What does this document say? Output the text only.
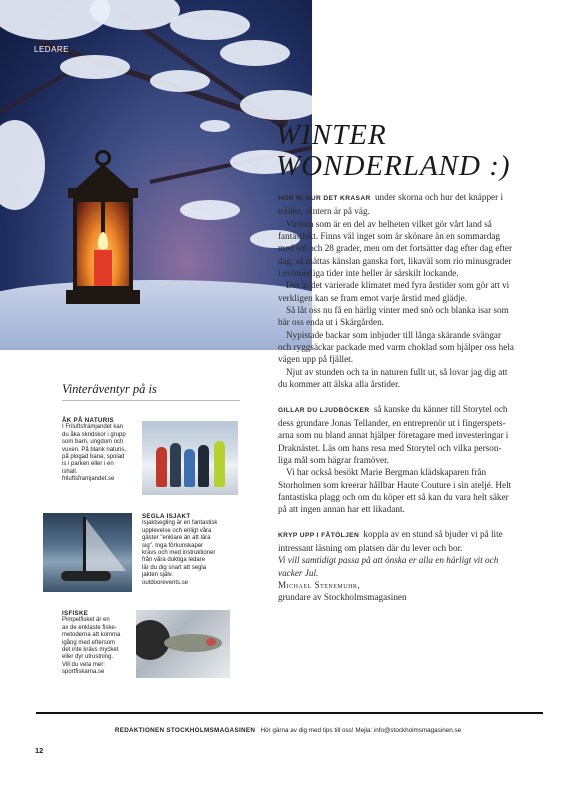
LEDARE
WINTER
WONDERLAND :)

HÖR NI HUR DET KRASAR under skorna och hur det knäpper i träden, vintern är på väg.

Vintern som är en del av helheten vilket gör vårt land så fantastiskt. Finns väl inget som är skönare än en sommardag med sol och 28 grader, men om det fortsätter dag efter dag efter dag, så mättas känslan ganska fort, likaväl som rio minusgrader i evinnerliga tider inte heller är särskilt lockande.

Det är det varierade klimatet med fyra årstider som gör att vi verkligen kan se fram emot varje årstid med glädje.

Så låt oss nu få en härlig vinter med snö och blanka isar som bär oss enda ut i Skärgården.

Nypistade backar som inbjuder till långa skärande svängar och ryggsäckar packade med varm choklad som hjälper oss hela vägen upp på fjället.

Njut av stunden och ta in naturen fullt ut, så lovar jag dig att du kommer att älska alla årstider.

GILLAR DU LJUDBÖCKER så kanske du känner till Storytel och dess grundare Jonas Tellander, en entreprenör ut i fingerspets-arna som nu bland annat hjälper företagare med investeringar i Draknästet. Läs om hans resa med Storytel och vilka person-liga mål som hägrar framöver.

Vi har också besökt Marie Bergman klädskaparen från Storholmen som kreerar hållbar Haute Couture i sin ateljé. Helt fantastiska plagg och om du köper ett så kan du vara helt säker på att ingen annan har ett likadant.

KRYP UPP I FÅTÖLJEN koppla av en stund så bjuder vi på lite intressant läsning om platsen där du lever och bor.

Vi vill samtidigt passa på att önska er alla en härligt vit och vacker Jul.

Michael Stenemuhr,
grundare av Stockholmsmagasinen

Vinteräventyr på is
ÅK PÅ NATURIS
I Friluftsfrämjandet kan
du åka skridskor i grupp
som barn, ungdom och
vuxen. På blank naturis,
på plogad bana, spolad
is i parken eller i en
ishall.
friluftsframjandet.se
SEGLA ISJAKT
Isjaktsegling är en fantastisk
upplevelse och enligt våra
gäster "enklare än att lära
sig". Inga förkunskaper
krävs och med instruktioner
från våra duktiga ledare
lär du dig snart att segla
jakten själv.
outdoorevents.se
ISFISKE
Pimpelfisket är en
av de enklaste fiske-
metoderna att komma
igång med eftersom
det inte krävs mycket
eller dyr utrustning.
Vill du veta mer:
sportfiskarna.se
REDAKTIONEN STOCKHOLMSMAGASINEN Hör gärna av dig med tips till oss! Mejla: info@stockholmsmagasinen.se
12
